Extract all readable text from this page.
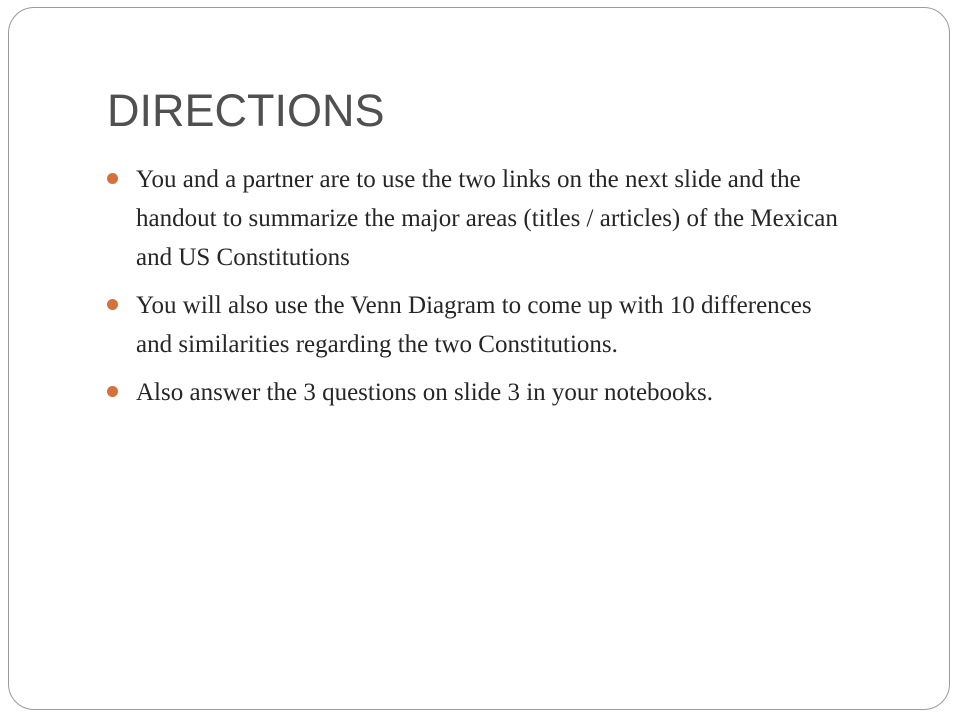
DIRECTIONS
You and a partner are to use the two links on the next slide and the handout to summarize the major areas (titles / articles) of the Mexican and US Constitutions
You will also use the Venn Diagram to come up with 10 differences and similarities regarding the two Constitutions.
Also answer the 3 questions on slide 3 in your notebooks.
